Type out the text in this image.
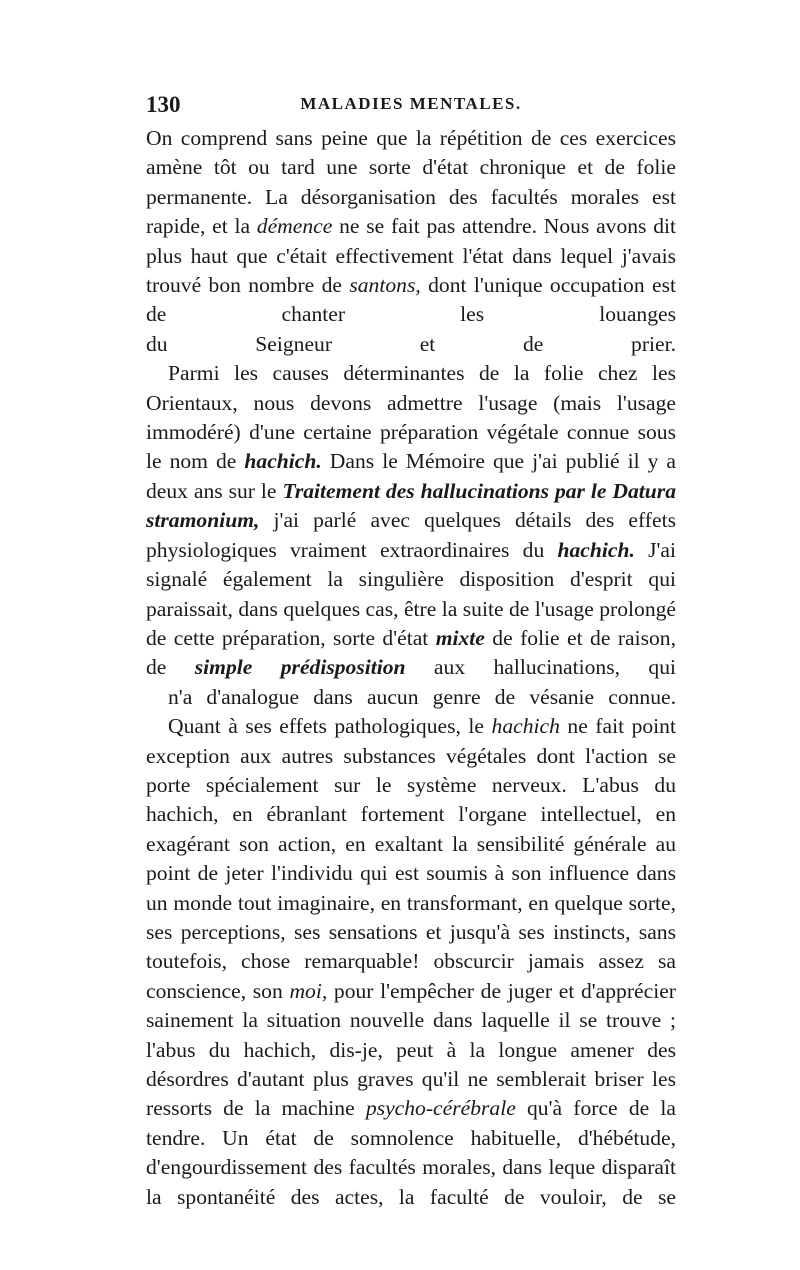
130	MALADIES MENTALES.

On comprend sans peine que la répétition de ces exercices amène tôt ou tard une sorte d'état chronique et de folie permanente. La désorganisation des facultés morales est rapide, et la démence ne se fait pas attendre. Nous avons dit plus haut que c'était effectivement l'état dans lequel j'avais trouvé bon nombre de santons, dont l'unique occupation est de chanter les louanges
du Seigneur et de prier.

Parmi les causes déterminantes de la folie chez les Orientaux, nous devons admettre l'usage (mais l'usage immodéré) d'une certaine préparation végétale connue sous le nom de hachich. Dans le Mémoire que j'ai publié il y a deux ans sur le Traitement des hallucinations par le Datura stramonium, j'ai parlé avec quelques détails des effets physiologiques vraiment extraordinaires du hachich. J'ai signalé également la singulière disposition d'esprit qui paraissait, dans quelques cas, être la suite de l'usage prolongé de cette préparation, sorte d'état mixte de folie et de raison, de simple prédisposition aux hallucinations, qui
n'a d'analogue dans aucun genre de vésanie connue.

Quant à ses effets pathologiques, le hachich ne fait point exception aux autres substances végétales dont l'action se porte spécialement sur le système nerveux. L'abus du hachich, en ébranlant fortement l'organe intellectuel, en exagérant son action, en exaltant la sensibilité générale au point de jeter l'individu qui est soumis à son influence dans un monde tout imaginaire, en transformant, en quelque sorte, ses perceptions, ses sensations et jusqu'à ses instincts, sans toutefois, chose remarquable! obscurcir jamais assez sa conscience, son moi, pour l'empêcher de juger et d'apprécier sainement la situation nouvelle dans laquelle il se trouve ; l'abus du hachich, dis-je, peut à la longue amener des désordres d'autant plus graves qu'il ne semblerait briser les ressorts de la machine psycho-cérébrale qu'à force de la tendre. Un état de somnolence habituelle, d'hébétude, d'engourdissement des facultés morales, dans leque disparaît la spontanéité des actes, la faculté de vouloir, de se
